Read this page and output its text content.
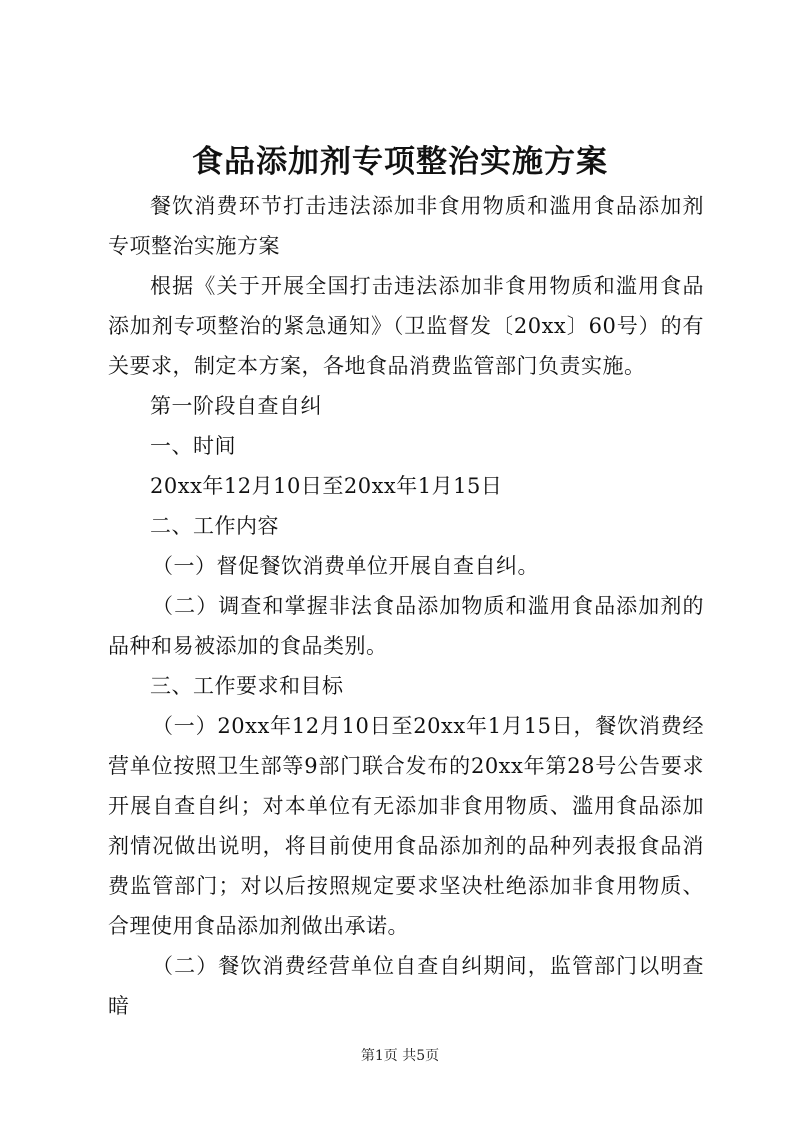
食品添加剂专项整治实施方案

餐饮消费环节打击违法添加非食用物质和滥用食品添加剂专项整治实施方案

根据《关于开展全国打击违法添加非食用物质和滥用食品添加剂专项整治的紧急通知》（卫监督发〔20xx〕60号）的有关要求，制定本方案，各地食品消费监管部门负责实施。

第一阶段自查自纠

一、时间

20xx年12月10日至20xx年1月15日

二、工作内容

（一）督促餐饮消费单位开展自查自纠。

（二）调查和掌握非法食品添加物质和滥用食品添加剂的品种和易被添加的食品类别。

三、工作要求和目标

（一）20xx年12月10日至20xx年1月15日，餐饮消费经营单位按照卫生部等9部门联合发布的20xx年第28号公告要求开展自查自纠；对本单位有无添加非食用物质、滥用食品添加剂情况做出说明，将目前使用食品添加剂的品种列表报食品消费监管部门；对以后按照规定要求坚决杜绝添加非食用物质、合理使用食品添加剂做出承诺。

（二）餐饮消费经营单位自查自纠期间，监管部门以明查暗

第1页 共5页
